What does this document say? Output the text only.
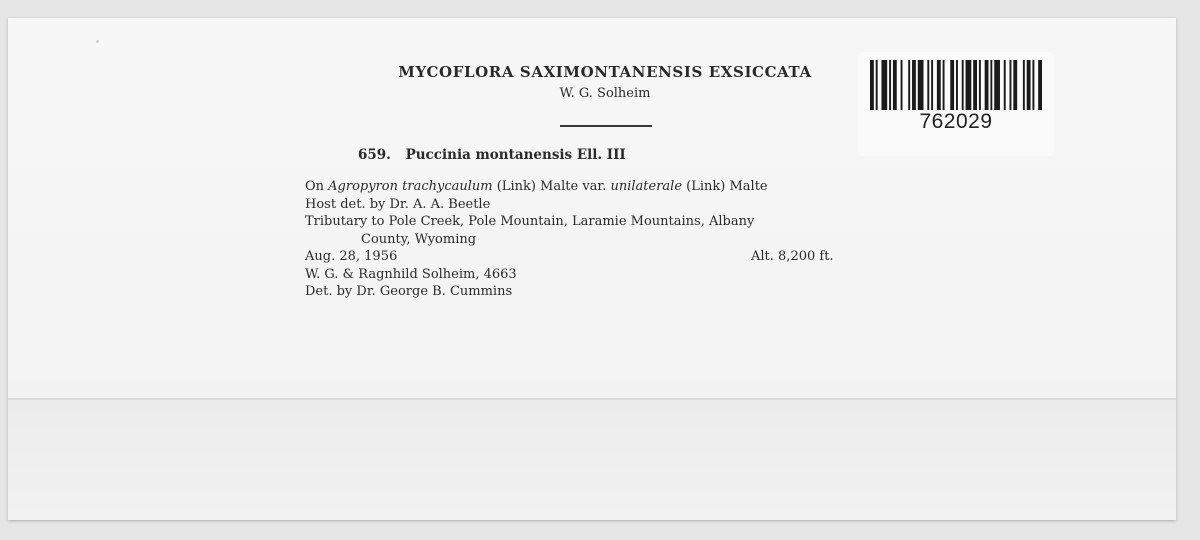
MYCOFLORA SAXIMONTANENSIS EXSICCATA
W. G. Solheim
659. Puccinia montanensis Ell. III
On Agropyron trachycaulum (Link) Malte var. unilaterale (Link) Malte
Host det. by Dr. A. A. Beetle
Tributary to Pole Creek, Pole Mountain, Laramie Mountains, Albany
County, Wyoming
Aug. 28, 1956	Alt. 8,200 ft.
W. G. & Ragnhild Solheim, 4663
Det. by Dr. George B. Cummins
762029
